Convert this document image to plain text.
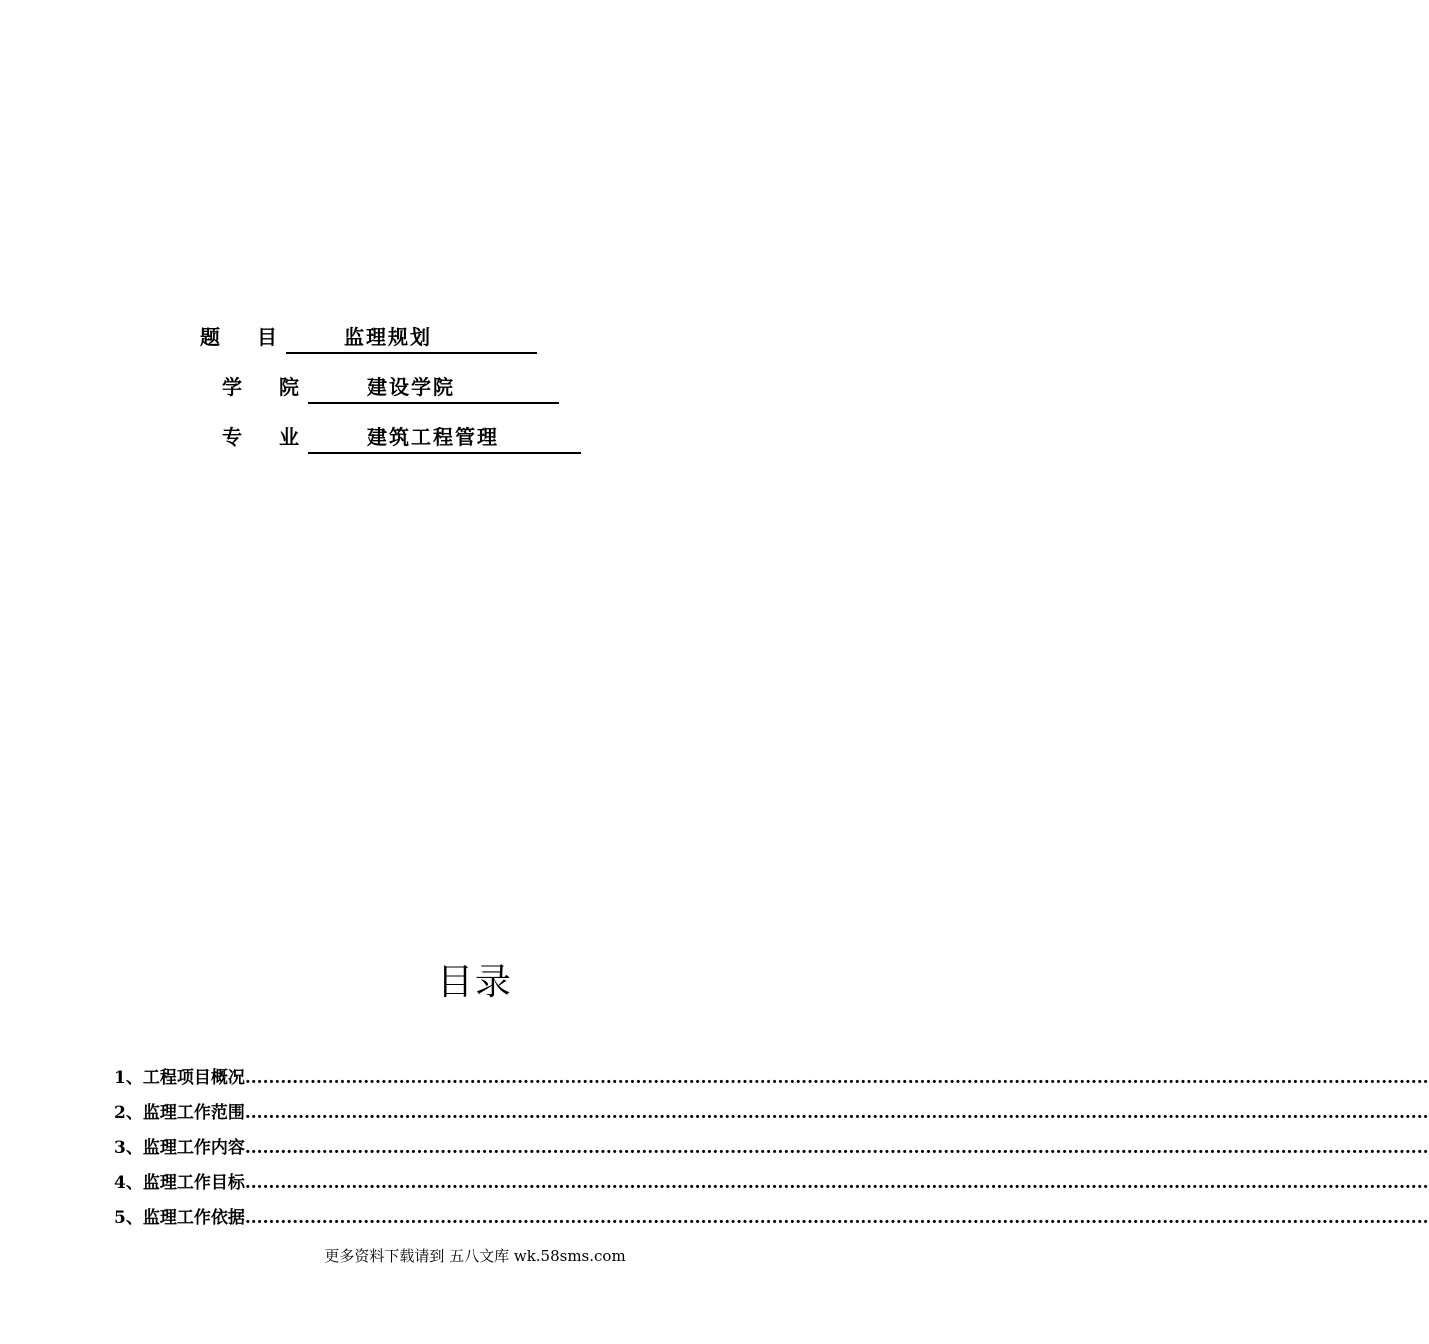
题 目	监理规划
学 院	建设学院
专 业	建筑工程管理
目录
1、 工程项目概况 ........................................................................................................................................................................................................
2、 监理工作范围 ........................................................................................................................................................................................................
3、 监理工作内容 ........................................................................................................................................................................................................
4、 监理工作目标 ........................................................................................................................................................................................................
5、 监理工作依据 ........................................................................................................................................................................................................
更多资料下载请到 五八文库 wk.58sms.com
